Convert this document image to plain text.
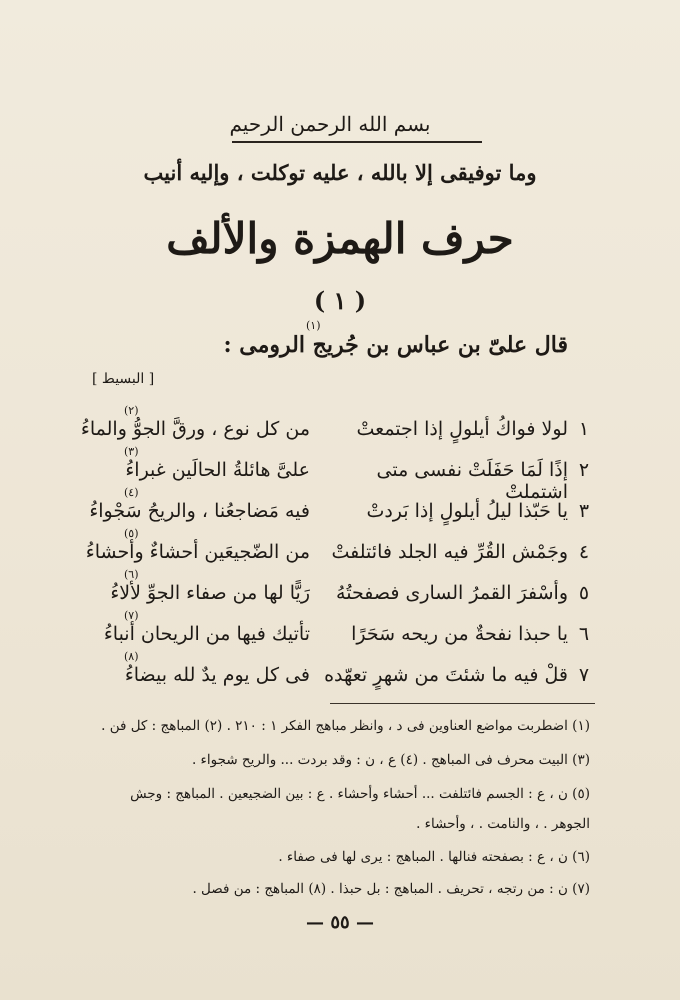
بسم الله الرحمن الرحيم
وما توفيقى إلا بالله ، عليه توكلت ، وإليه أنيب
حرف الهمزة والألف
( ١ )
(١)
قال علىّ بن عباس بن جُريج الرومى :
[ البسيط ]
١
لولا فواكُ أيلولٍ إذا اجتمعتْ
من كل نوع ، ورقَّ الجوُّ والماءُ
(٢)
٢
إذًا لَمَا حَفَلَتْ نفسى متى اشتملتْ
علىَّ هائلةُ الحالَين غبراءُ
(٣)
٣
يا حَبّذا ليلُ أيلولٍ إذا بَردتْ
فيه مَضاجعُنا ، والريحُ سَجْواءُ
(٤)
٤
وجَمْش القُرِّ فيه الجلد فائتلفتْ
من الضّجيعَين أحشاءٌ وأحشاءُ
(٥)
٥
وأسْفرَ القمرُ السارى فصفحتُهُ
رَيًّا لها من صفاء الجوِّ لألاءُ
(٦)
٦
يا حبذا نفحةٌ من ريحه سَحَرًا
تأتيك فيها من الريحان أنباءُ
(٧)
٧
قلْ فيه ما شئتَ من شهرٍ تعهّده
فى كل يوم يدٌ لله بيضاءُ
(٨)
(١) اضطربت مواضع العناوين فى د ، وانظر مباهج الفكر ١ : ٢١٠ . (٢) المباهج : كل فن .
(٣) البيت محرف فى المباهج . (٤) ع ، ن : وقد بردت ... والريح شجواء .
(٥) ن ، ع : الجسم فائتلفت ... أحشاء وأحشاء . ع : بين الضجيعين . المباهج : وجش
الجوهر . ، والنامت . ، وأحشاء .
(٦) ن ، ع : بصفحته فنالها . المباهج : يرى لها فى صفاء .
(٧) ن : من رتجه ، تحريف . المباهج : بل حبذا . (٨) المباهج : من فصل .
— ٥٥ —
